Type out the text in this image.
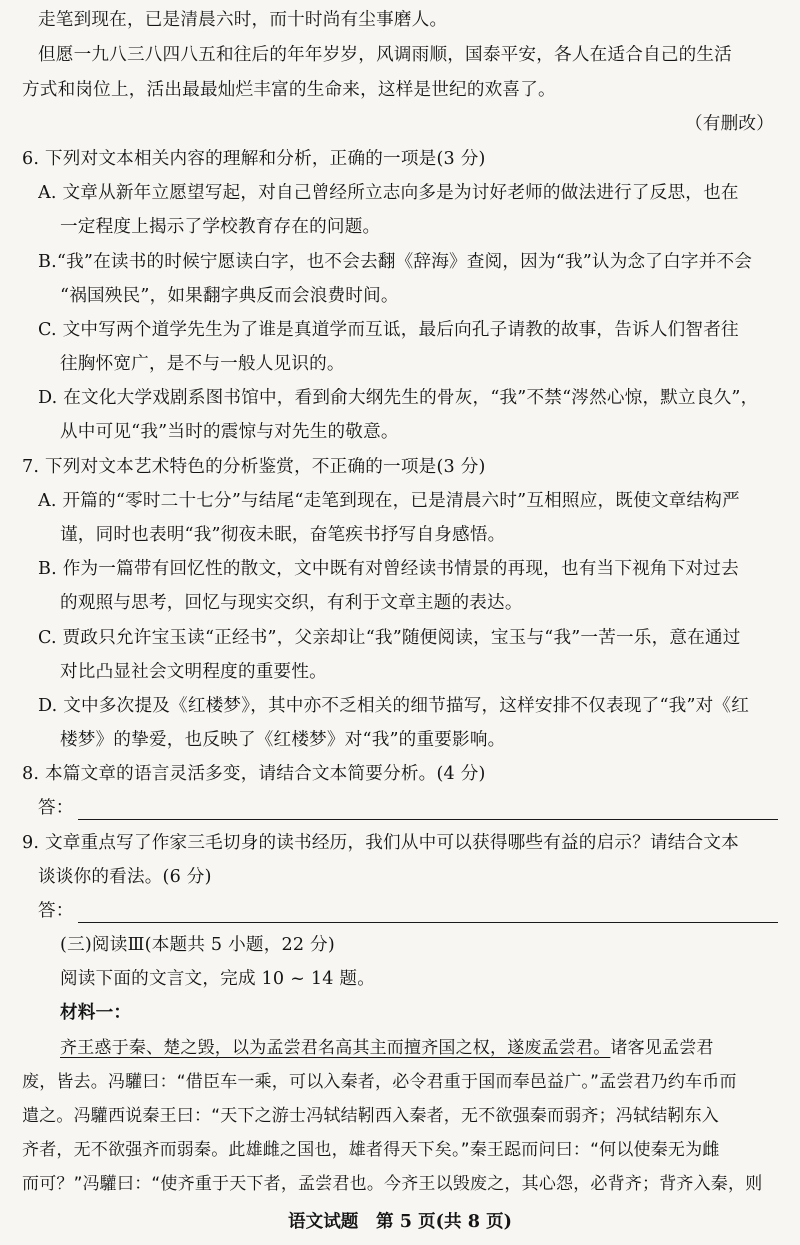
走笔到现在，已是清晨六时，而十时尚有尘事磨人。
但愿一九八三八四八五和往后的年年岁岁，风调雨顺，国泰平安，各人在适合自己的生活
方式和岗位上，活出最最灿烂丰富的生命来，这样是世纪的欢喜了。
（有删改）
6. 下列对文本相关内容的理解和分析，正确的一项是(3 分)
A. 文章从新年立愿望写起，对自己曾经所立志向多是为讨好老师的做法进行了反思，也在
一定程度上揭示了学校教育存在的问题。
B.“我”在读书的时候宁愿读白字，也不会去翻《辞海》查阅，因为“我”认为念了白字并不会
“祸国殃民”，如果翻字典反而会浪费时间。
C. 文中写两个道学先生为了谁是真道学而互诋，最后向孔子请教的故事，告诉人们智者往
往胸怀宽广，是不与一般人见识的。
D. 在文化大学戏剧系图书馆中，看到俞大纲先生的骨灰，“我”不禁“涔然心惊，默立良久”，
从中可见“我”当时的震惊与对先生的敬意。
7. 下列对文本艺术特色的分析鉴赏，不正确的一项是(3 分)
A. 开篇的“零时二十七分”与结尾“走笔到现在，已是清晨六时”互相照应，既使文章结构严
谨，同时也表明“我”彻夜未眠，奋笔疾书抒写自身感悟。
B. 作为一篇带有回忆性的散文，文中既有对曾经读书情景的再现，也有当下视角下对过去
的观照与思考，回忆与现实交织，有利于文章主题的表达。
C. 贾政只允许宝玉读“正经书”，父亲却让“我”随便阅读，宝玉与“我”一苦一乐，意在通过
对比凸显社会文明程度的重要性。
D. 文中多次提及《红楼梦》，其中亦不乏相关的细节描写，这样安排不仅表现了“我”对《红
楼梦》的挚爱，也反映了《红楼梦》对“我”的重要影响。
8. 本篇文章的语言灵活多变，请结合文本简要分析。(4 分)
答：
9. 文章重点写了作家三毛切身的读书经历，我们从中可以获得哪些有益的启示？请结合文本
谈谈你的看法。(6 分)
答：
(三)阅读Ⅲ(本题共 5 小题，22 分)
阅读下面的文言文，完成 10 ~ 14 题。
材料一：
齐王惑于秦、楚之毁，以为孟尝君名高其主而擅齐国之权，遂废孟尝君。诸客见孟尝君
废，皆去。冯驩曰：“借臣车一乘，可以入秦者，必令君重于国而奉邑益广。”孟尝君乃约车币而
遣之。冯驩西说秦王曰：“天下之游士冯轼结靷西入秦者，无不欲强秦而弱齐；冯轼结靷东入
齐者，无不欲强齐而弱秦。此雄雌之国也，雄者得天下矣。”秦王跽而问曰：“何以使秦无为雌
而可？”冯驩曰：“使齐重于天下者，孟尝君也。今齐王以毁废之，其心怨，必背齐；背齐入秦，则
语文试题　第 5 页(共 8 页)
